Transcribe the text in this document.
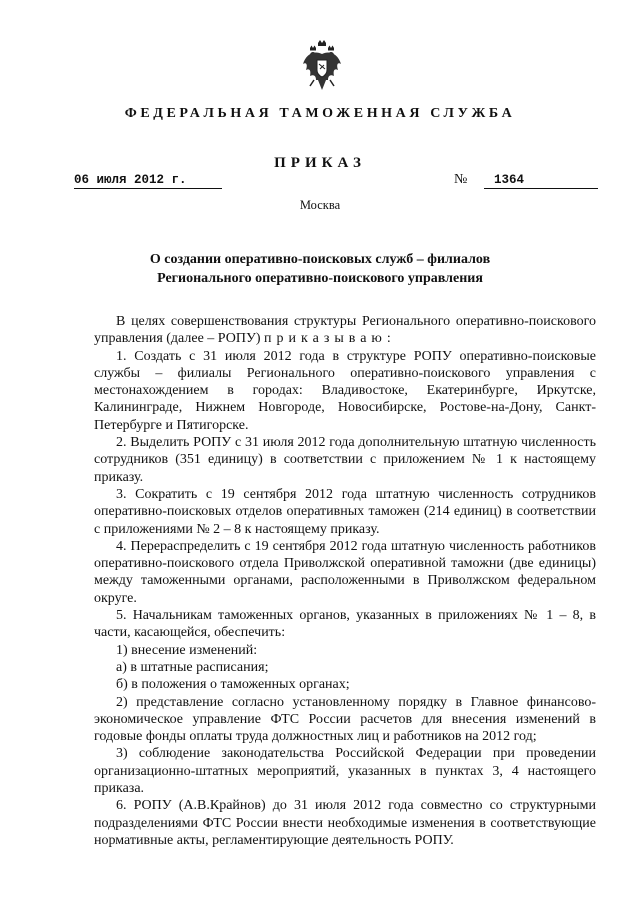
ФЕДЕРАЛЬНАЯ ТАМОЖЕННАЯ СЛУЖБА
ПРИКАЗ
06 июля 2012 г.	№	1364
Москва
О создании оперативно-поисковых служб – филиалов
Регионального оперативно-поискового управления

В целях совершенствования структуры Регионального оперативно-поискового управления (далее – РОПУ) приказываю:

1. Создать с 31 июля 2012 года в структуре РОПУ оперативно-поисковые службы – филиалы Регионального оперативно-поискового управления с местонахождением в городах: Владивостоке, Екатеринбурге, Иркутске, Калининграде, Нижнем Новгороде, Новосибирске, Ростове-на-Дону, Санкт-Петербурге и Пятигорске.

2. Выделить РОПУ с 31 июля 2012 года дополнительную штатную численность сотрудников (351 единицу) в соответствии с приложением № 1 к настоящему приказу.

3. Сократить с 19 сентября 2012 года штатную численность сотрудников оперативно-поисковых отделов оперативных таможен (214 единиц) в соответствии с приложениями № 2 – 8 к настоящему приказу.

4. Перераспределить с 19 сентября 2012 года штатную численность работников оперативно-поискового отдела Приволжской оперативной таможни (две единицы) между таможенными органами, расположенными в Приволжском федеральном округе.

5. Начальникам таможенных органов, указанных в приложениях № 1 – 8, в части, касающейся, обеспечить:

1) внесение изменений:

а) в штатные расписания;

б) в положения о таможенных органах;

2) представление согласно установленному порядку в Главное финансово-экономическое управление ФТС России расчетов для внесения изменений в годовые фонды оплаты труда должностных лиц и работников на 2012 год;

3) соблюдение законодательства Российской Федерации при проведении организационно-штатных мероприятий, указанных в пунктах 3, 4 настоящего приказа.

6. РОПУ (А.В.Крайнов) до 31 июля 2012 года совместно со структурными подразделениями ФТС России внести необходимые изменения в соответствующие нормативные акты, регламентирующие деятельность РОПУ.
